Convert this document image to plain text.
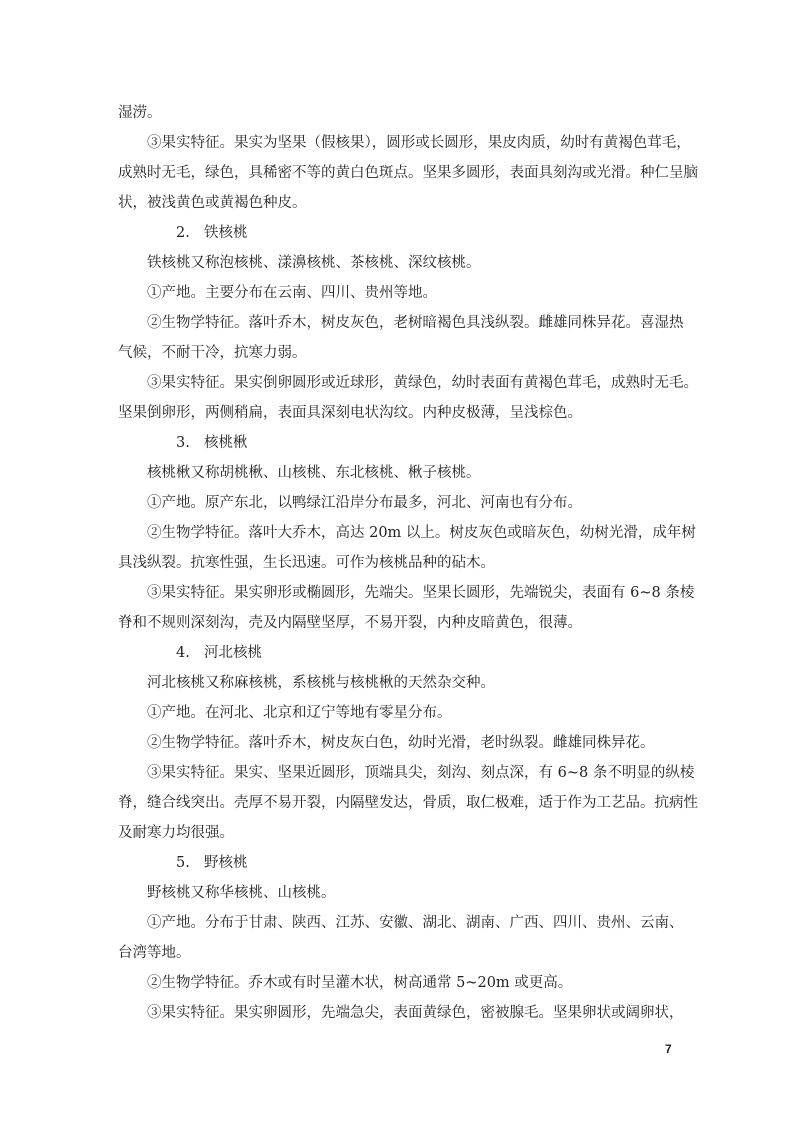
湿涝。
③果实特征。果实为坚果（假核果），圆形或长圆形，果皮肉质，幼时有黄褐色茸毛，
成熟时无毛，绿色，具稀密不等的黄白色斑点。坚果多圆形，表面具刻沟或光滑。种仁呈脑
状，被浅黄色或黄褐色种皮。
2. 铁核桃
铁核桃又称泡核桃、漾濞核桃、茶核桃、深纹核桃。
①产地。主要分布在云南、四川、贵州等地。
②生物学特征。落叶乔木，树皮灰色，老树暗褐色具浅纵裂。雌雄同株异花。喜湿热
气候，不耐干冷，抗寒力弱。
③果实特征。果实倒卵圆形或近球形，黄绿色，幼时表面有黄褐色茸毛，成熟时无毛。
坚果倒卵形，两侧稍扁，表面具深刻电状沟纹。内种皮极薄，呈浅棕色。
3. 核桃楸
核桃楸又称胡桃楸、山核桃、东北核桃、楸子核桃。
①产地。原产东北，以鸭绿江沿岸分布最多，河北、河南也有分布。
②生物学特征。落叶大乔木，高达 20m 以上。树皮灰色或暗灰色，幼树光滑，成年树
具浅纵裂。抗寒性强，生长迅速。可作为核桃品种的砧木。
③果实特征。果实卵形或椭圆形，先端尖。坚果长圆形，先端锐尖，表面有 6~8 条棱
脊和不规则深刻沟，壳及内隔壁坚厚，不易开裂，内种皮暗黄色，很薄。
4. 河北核桃
河北核桃又称麻核桃，系核桃与核桃楸的天然杂交种。
①产地。在河北、北京和辽宁等地有零星分布。
②生物学特征。落叶乔木，树皮灰白色，幼时光滑，老时纵裂。雌雄同株异花。
③果实特征。果实、坚果近圆形，顶端具尖，刻沟、刻点深，有 6~8 条不明显的纵棱
脊，缝合线突出。壳厚不易开裂，内隔壁发达，骨质，取仁极难，适于作为工艺品。抗病性
及耐寒力均很强。
5. 野核桃
野核桃又称华核桃、山核桃。
①产地。分布于甘肃、陕西、江苏、安徽、湖北、湖南、广西、四川、贵州、云南、
台湾等地。
②生物学特征。乔木或有时呈灌木状，树高通常 5~20m 或更高。
③果实特征。果实卵圆形，先端急尖，表面黄绿色，密被腺毛。坚果卵状或阔卵状，
7
